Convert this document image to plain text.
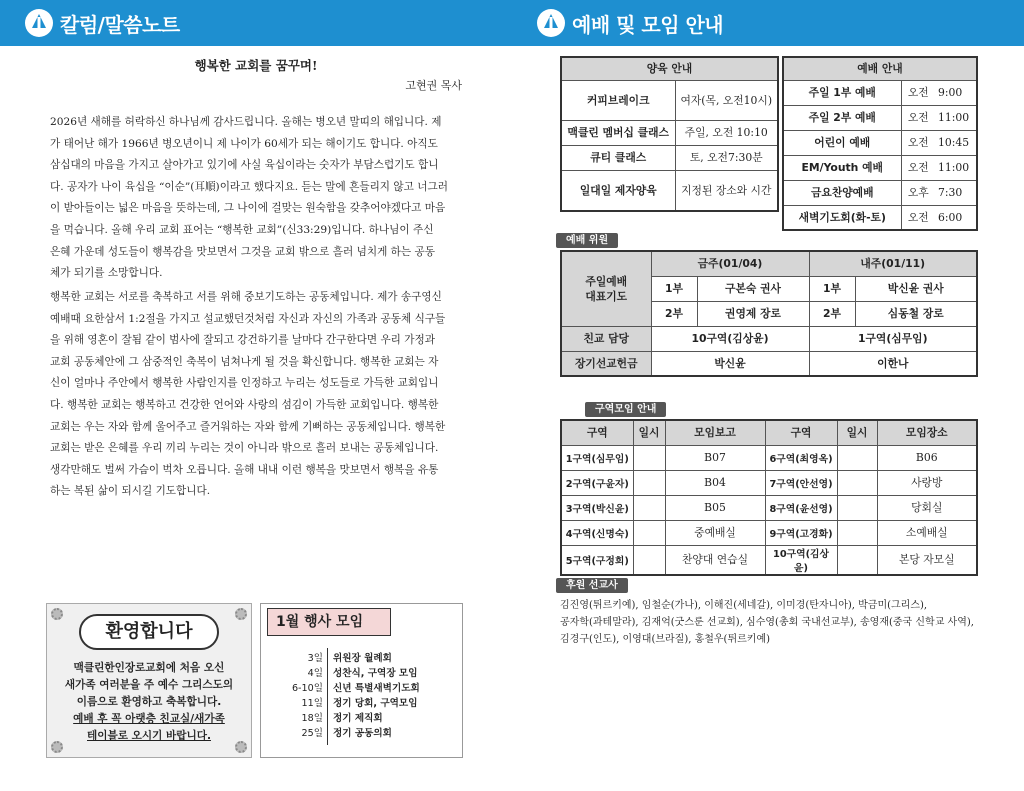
칼럼/말씀노트	예배 및 모임 안내
행복한 교회를 꿈꾸며!
고현권 목사
2026년 새해를 허락하신 하나님께 감사드립니다. 올해는 병오년 말띠의 해입니다. 제
가 태어난 해가 1966년 병오년이니 제 나이가 60세가 되는 해이기도 합니다. 아직도
삼십대의 마음을 가지고 살아가고 있기에 사실 육십이라는 숫자가 부담스럽기도 합니
다. 공자가 나이 육십을 “이순”(耳順)이라고 했다지요. 듣는 말에 흔들리지 않고 너그러
이 받아들이는 넓은 마음을 뜻하는데, 그 나이에 걸맞는 원숙함을 갖추어야겠다고 마음
을 먹습니다. 올해 우리 교회 표어는 “행복한 교회”(신33:29)입니다. 하나님이 주신
은혜 가운데 성도들이 행복감을 맛보면서 그것을 교회 밖으로 흘러 넘치게 하는 공동
체가 되기를 소망합니다.
행복한 교회는 서로를 축복하고 서를 위해 중보기도하는 공동체입니다. 제가 송구영신
예배때 요한삼서 1:2절을 가지고 설교했던것처럼 자신과 자신의 가족과 공동체 식구들
을 위해 영혼이 잘됨 같이 범사에 잘되고 강건하기를 날마다 간구한다면 우리 가정과
교회 공동체안에 그 삼중적인 축복이 넘쳐나게 될 것을 확신합니다. 행복한 교회는 자
신이 얼마나 주안에서 행복한 사람인지를 인정하고 누리는 성도들로 가득한 교회입니
다. 행복한 교회는 행복하고 건강한 언어와 사랑의 섬김이 가득한 교회입니다. 행복한
교회는 우는 자와 함께 울어주고 즐거워하는 자와 함께 기뻐하는 공동체입니다. 행복한
교회는 받은 은혜를 우리 끼리 누리는 것이 아니라 밖으로 흘러 보내는 공동체입니다.
생각만해도 벌써 가슴이 벅차 오릅니다. 올해 내내 이런 행복을 맛보면서 행복을 유통
하는 복된 삶이 되시길 기도합니다.
환영합니다
맥클린한인장로교회에 처음 오신
새가족 여러분을 주 예수 그리스도의
이름으로 환영하고 축복합니다.
예배 후 꼭 아랫층 친교실/새가족
테이블로 오시기 바랍니다.
1월 행사 모임
3일 위원장 월례회
4일 성찬식, 구역장 모임
6-10일 신년 특별새벽기도회
11일 정기 당회, 구역모임
18일 정기 제직회
25일 정기 공동의회
양육 안내	
커피브레이크	여자(목, 오전10시)
맥클린 멤버십 클래스	주일, 오전 10:10
큐티 클래스	토, 오전7:30분
일대일 제자양육	지정된 장소와 시간
예배 안내		
주일 1부 예배	오전	9:00
주일 2부 예배	오전	11:00
어린이 예배	오전	10:45
EM/Youth 예배	오전	11:00
금요찬양예배	오후	7:30
새벽기도회(화-토)	오전	6:00
예배 위원
주일예배
대표기도	금주(01/04)		내주(01/11)	
	1부	구본숙 권사	1부	박신윤 권사
	2부	권영제 장로	2부	심동철 장로
친교 담당	10구역(김상윤)		1구역(심무임)	
장기선교헌금	박신윤		이한나	
구역모임 안내
구역	일시	모임보고	구역	일시	모임장소
1구역(심무임)		B07	6구역(최영옥)		B06
2구역(구윤자)		B04	7구역(안선영)		사랑방
3구역(박신윤)		B05	8구역(윤선영)		당회실
4구역(신명숙)		중예배실	9구역(고경화)		소예배실
5구역(구정희)		찬양대 연습실	10구역(김상윤)		본당 자모실
후원 선교사
김진영(튀르키예), 임철순(가나), 이해진(세네갈), 이미경(탄자니아), 박금미(그리스),
공자학(과테말라), 김재억(굿스룬 선교회), 심수영(총회 국내선교부), 송영재(중국 신학교 사역),
김경구(인도), 이영대(브라질), 홍철우(튀르키예)
